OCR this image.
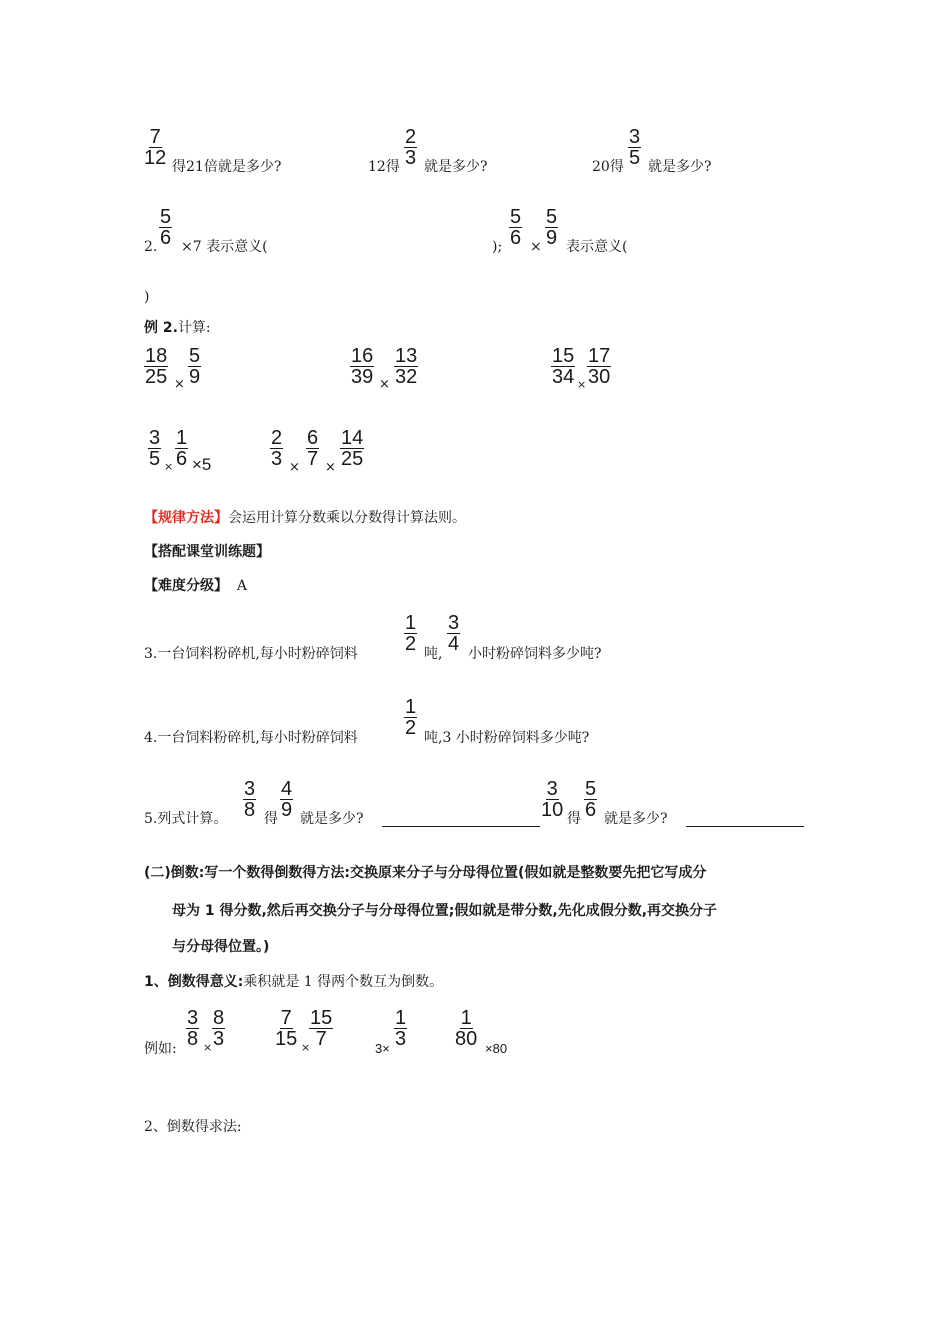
$\frac{7}{12}$ 得21倍就是多少?	12得 $\frac{2}{3}$ 就是多少?	20得 $\frac{3}{5}$ 就是多少?
2. $\frac{5}{6} \times 7$ 表示意义(	); $\frac{5}{6} \times \frac{5}{9}$ 表示意义(
)
例 2.计算:
$\frac{18}{25} \times \frac{5}{9}$	$\frac{16}{39} \times \frac{13}{32}$	$\frac{15}{34} \times \frac{17}{30}$
$\frac{3}{5} \times \frac{1}{6} \times 5$	$\frac{2}{3} \times \frac{6}{7} \times \frac{14}{25}$
【规律方法】会运用计算分数乘以分数得计算法则。
【搭配课堂训练题】
【难度分级】 A
3.一台饲料粉碎机,每小时粉碎饲料 $\frac{1}{2}$ 吨, $\frac{3}{4}$ 小时粉碎饲料多少吨?
4.一台饲料粉碎机,每小时粉碎饲料 $\frac{1}{2}$ 吨,3 小时粉碎饲料多少吨?
5.列式计算。 $\frac{3}{8}$ 得 $\frac{4}{9}$ 就是多少?	$\frac{3}{10}$ 得 $\frac{5}{6}$ 就是多少?
(二)倒数:写一个数得倒数得方法:交换原来分子与分母得位置(假如就是整数要先把它写成分
母为 1 得分数,然后再交换分子与分母得位置;假如就是带分数,先化成假分数,再交换分子
与分母得位置。)
1、倒数得意义:乘积就是 1 得两个数互为倒数。
例如: $\frac{3}{8} \times \frac{8}{3} \frac{7}{15}$ ×
$\frac{15}{7}$	$3\times \frac{1}{3} \frac{1}{80} \times 80$
2、倒数得求法:
